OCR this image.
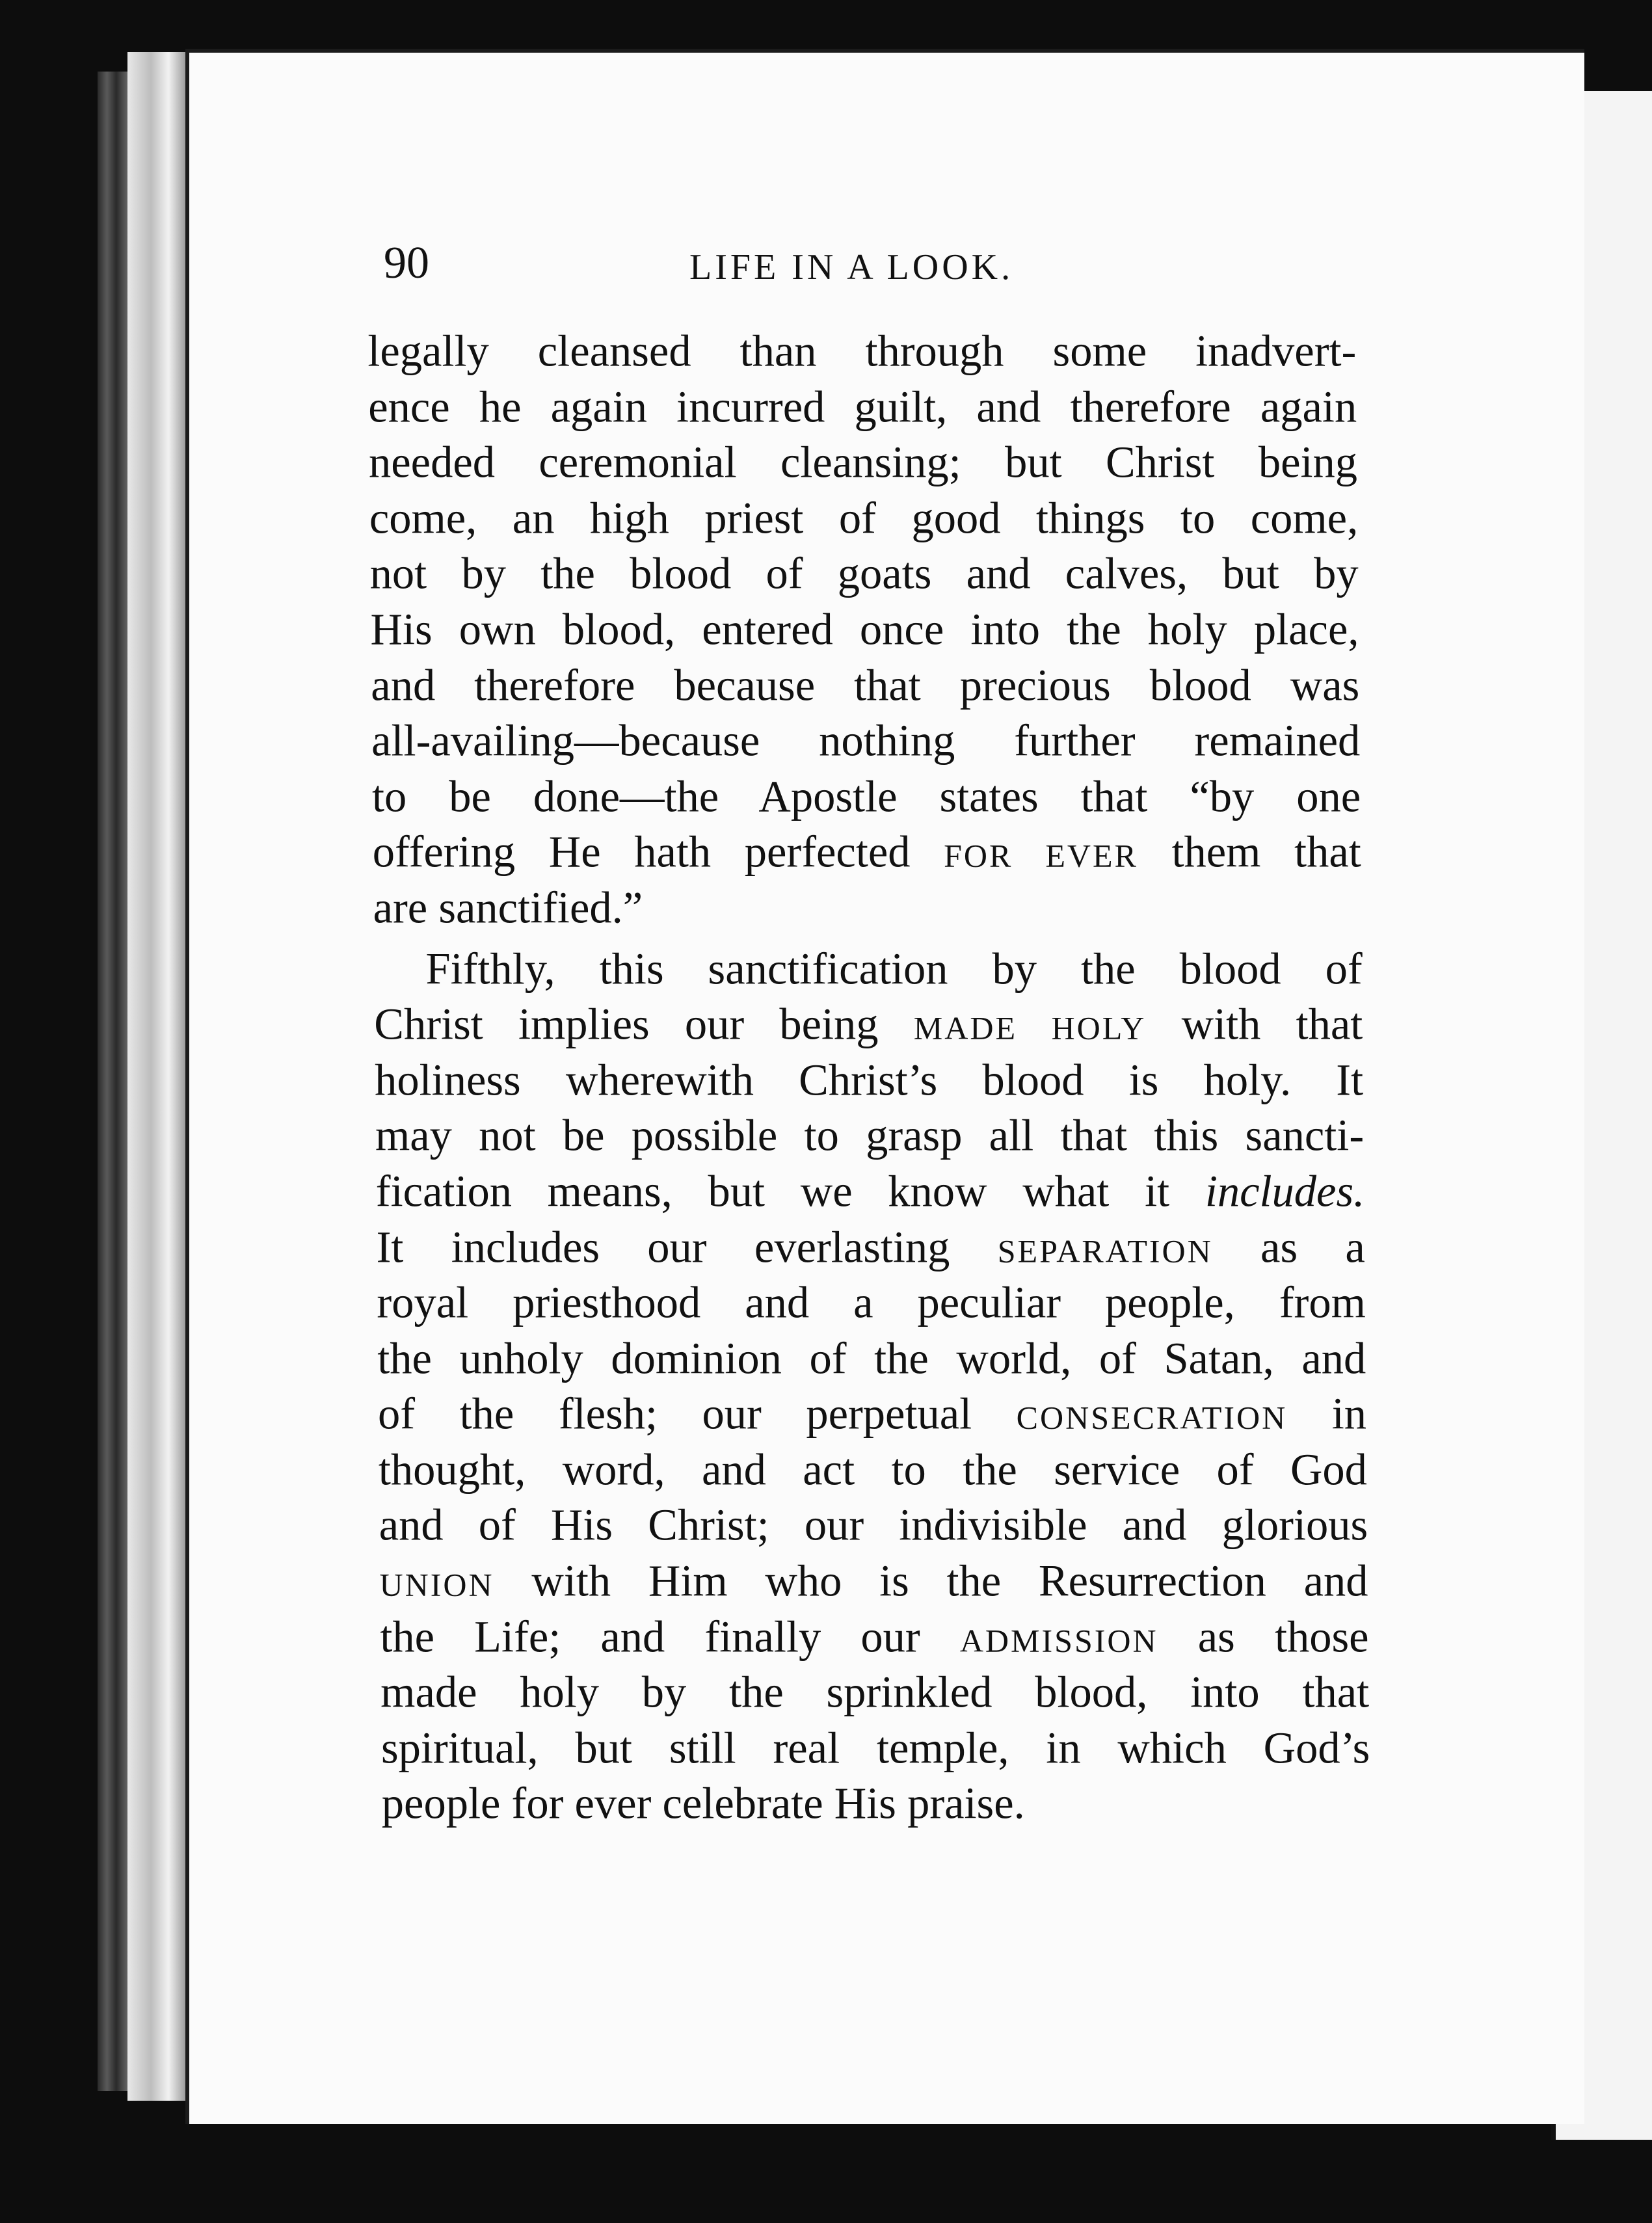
90	LIFE IN A LOOK.
legally cleansed than through some inadvert-
ence he again incurred guilt, and therefore again
needed ceremonial cleansing; but Christ being
come, an high priest of good things to come,
not by the blood of goats and calves, but by
His own blood, entered once into the holy place,
and therefore because that precious blood was
all-availing—because nothing further remained
to be done—the Apostle states that “by one
offering He hath perfected FOR EVER them that
are sanctified.”
Fifthly, this sanctification by the blood of
Christ implies our being MADE HOLY with that
holiness wherewith Christ’s blood is holy. It
may not be possible to grasp all that this sancti-
fication means, but we know what it includes.
It includes our everlasting SEPARATION as a
royal priesthood and a peculiar people, from
the unholy dominion of the world, of Satan, and
of the flesh; our perpetual CONSECRATION in
thought, word, and act to the service of God
and of His Christ; our indivisible and glorious
UNION with Him who is the Resurrection and
the Life; and finally our ADMISSION as those
made holy by the sprinkled blood, into that
spiritual, but still real temple, in which God’s
people for ever celebrate His praise.
